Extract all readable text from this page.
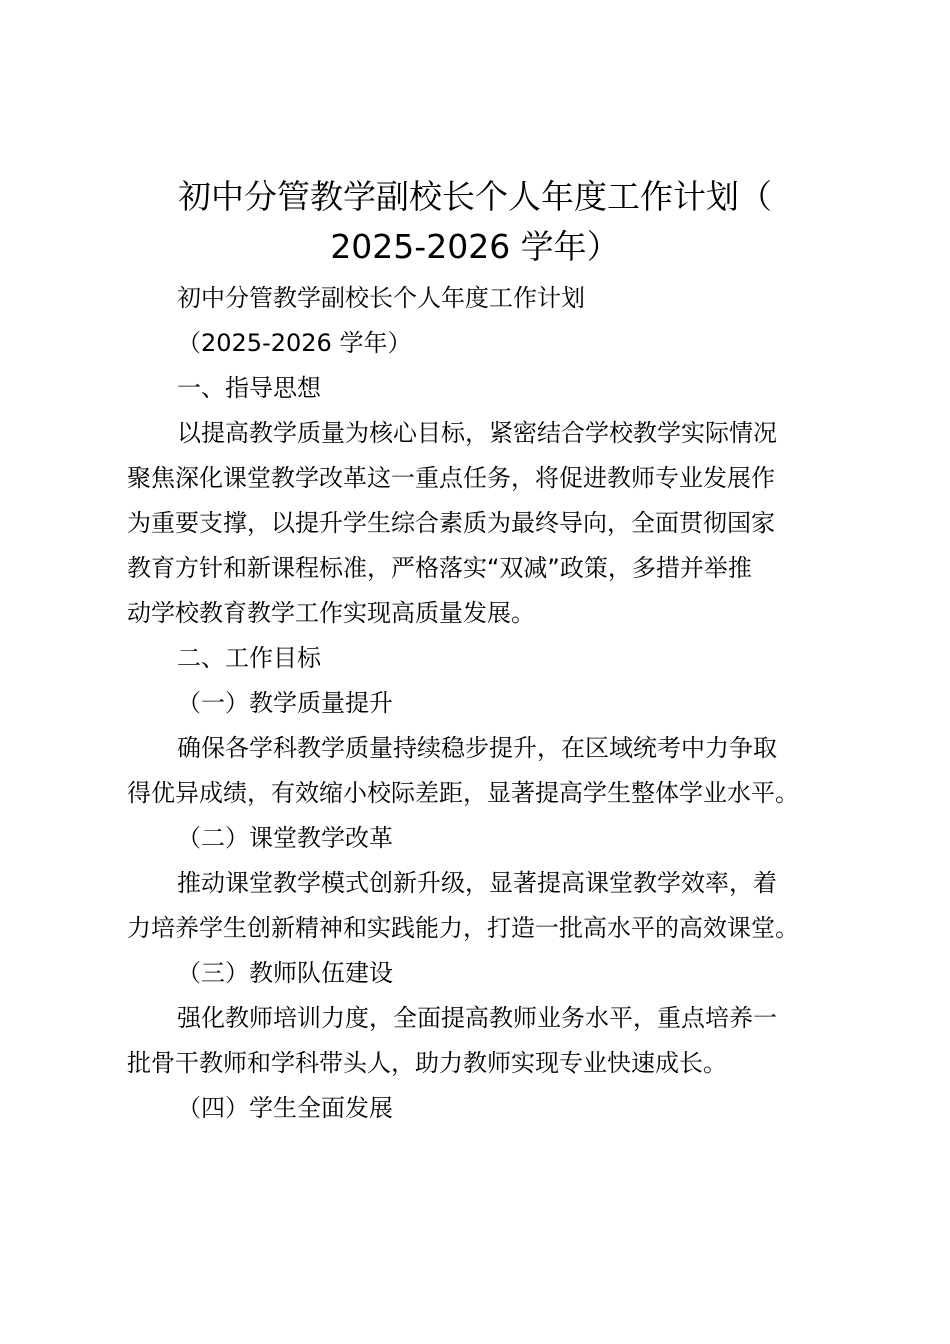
初中分管教学副校长个人年度工作计划（
2025-2026 学年）
初中分管教学副校长个人年度工作计划
（2025-2026 学年）
一、指导思想
以提高教学质量为核心目标，紧密结合学校教学实际情况
聚焦深化课堂教学改革这一重点任务，将促进教师专业发展作
为重要支撑，以提升学生综合素质为最终导向，全面贯彻国家
教育方针和新课程标准，严格落实“双减”政策，多措并举推
动学校教育教学工作实现高质量发展。
二、工作目标
（一）教学质量提升
确保各学科教学质量持续稳步提升，在区域统考中力争取
得优异成绩，有效缩小校际差距，显著提高学生整体学业水平。
（二）课堂教学改革
推动课堂教学模式创新升级，显著提高课堂教学效率，着
力培养学生创新精神和实践能力，打造一批高水平的高效课堂。
（三）教师队伍建设
强化教师培训力度，全面提高教师业务水平，重点培养一
批骨干教师和学科带头人，助力教师实现专业快速成长。
（四）学生全面发展
